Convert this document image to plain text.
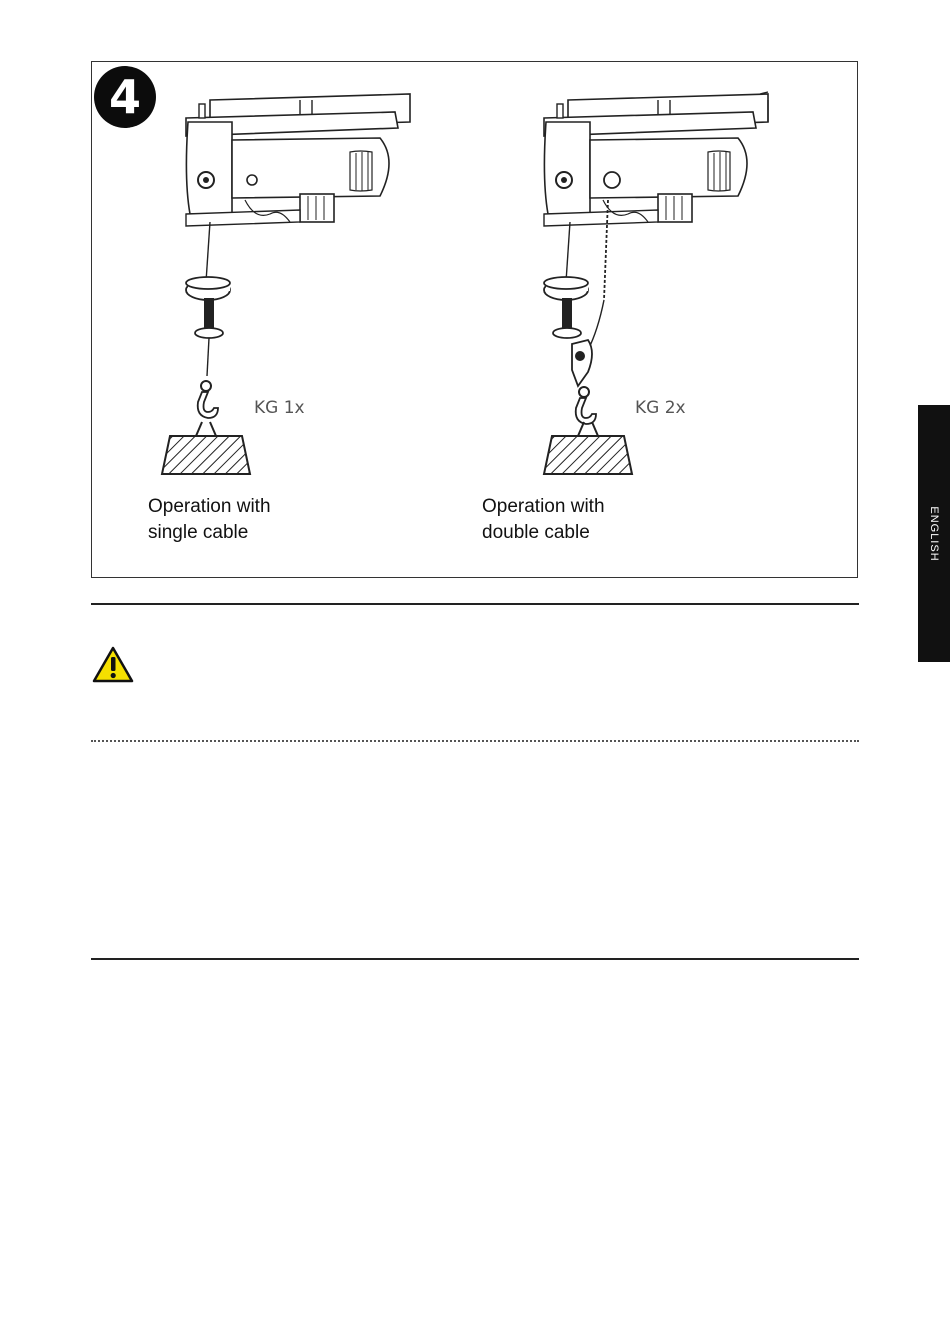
4
KG 1x	KG 2x
Operation with
single cable
Operation with
double cable	ENGLISH
